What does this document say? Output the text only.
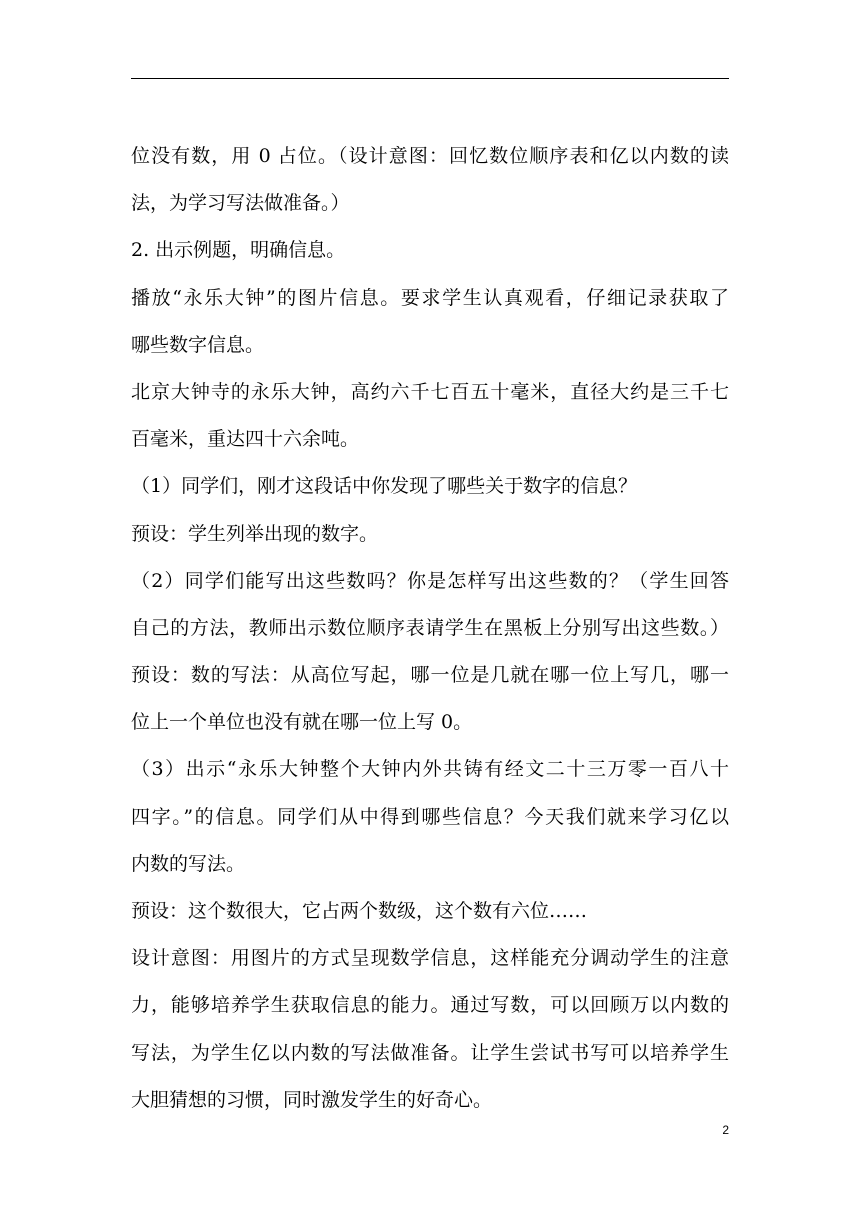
位没有数，用 0 占位。（设计意图：回忆数位顺序表和亿以内数的读
法，为学习写法做准备。）
2. 出示例题，明确信息。
播放“永乐大钟”的图片信息。要求学生认真观看，仔细记录获取了
哪些数字信息。
北京大钟寺的永乐大钟，高约六千七百五十毫米，直径大约是三千七
百毫米，重达四十六余吨。
（1）同学们，刚才这段话中你发现了哪些关于数字的信息？
预设：学生列举出现的数字。
（2）同学们能写出这些数吗？你是怎样写出这些数的？（学生回答
自己的方法，教师出示数位顺序表请学生在黑板上分别写出这些数。）
预设：数的写法：从高位写起，哪一位是几就在哪一位上写几，哪一
位上一个单位也没有就在哪一位上写 0。
（3）出示“永乐大钟整个大钟内外共铸有经文二十三万零一百八十
四字。”的信息。同学们从中得到哪些信息？今天我们就来学习亿以
内数的写法。
预设：这个数很大，它占两个数级，这个数有六位……
设计意图：用图片的方式呈现数学信息，这样能充分调动学生的注意
力，能够培养学生获取信息的能力。通过写数，可以回顾万以内数的
写法，为学生亿以内数的写法做准备。让学生尝试书写可以培养学生
大胆猜想的习惯，同时激发学生的好奇心。
2
